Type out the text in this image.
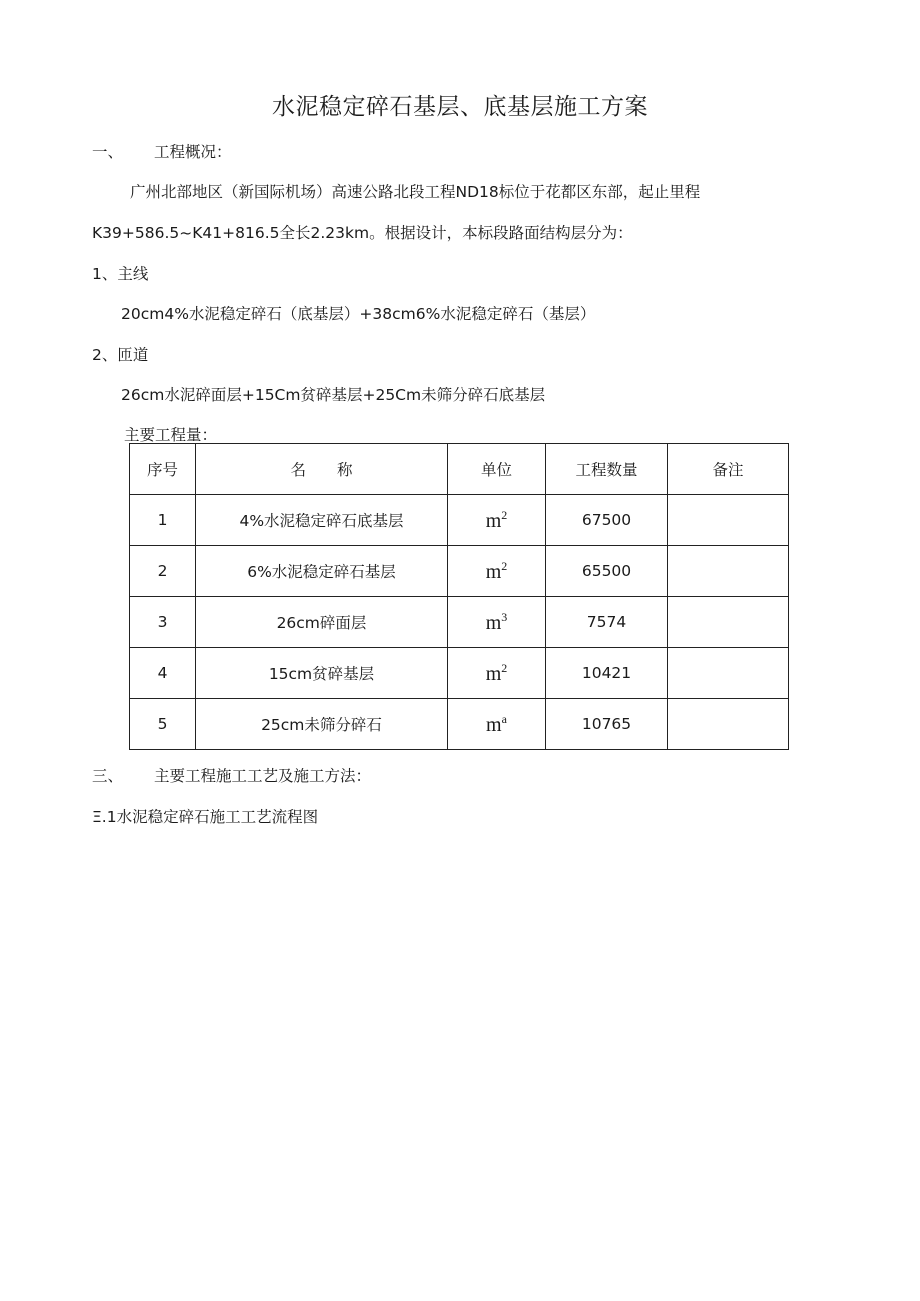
水泥稳定碎石基层、底基层施工方案
一、 工程概况：
广州北部地区（新国际机场）高速公路北段工程ND18标位于花都区东部，起止里程
K39+586.5~K41+816.5全长2.23km。根据设计，本标段路面结构层分为：
1、主线
20cm4%水泥稳定碎石（底基层）+38cm6%水泥稳定碎石（基层）
2、匝道
26cm水泥碎面层+15Cm贫碎基层+25Cm未筛分碎石底基层
主要工程量：
序号	名　　称	单位	工程数量	备注
1	4%水泥稳定碎石底基层	$m^2$	67500	
2	6%水泥稳定碎石基层	$m^2$	65500	
3	26cm碎面层	$m^3$	7574	
4	15cm贫碎基层	$m^2$	10421	
5	25cm未筛分碎石	$m^a$	10765	
三、 主要工程施工工艺及施工方法：
Ξ.1水泥稳定碎石施工工艺流程图
